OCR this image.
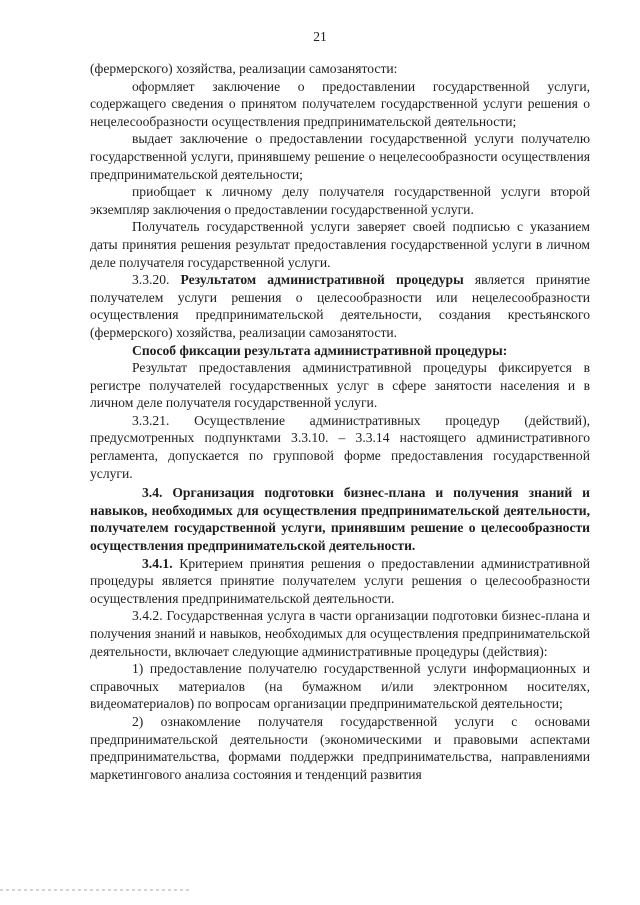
21

(фермерского) хозяйства, реализации самозанятости:

оформляет заключение о предоставлении государственной услуги, содержащего сведения о принятом получателем государственной услуги решения о нецелесообразности осуществления предпринимательской деятельности;

выдает заключение о предоставлении государственной услуги получателю государственной услуги, принявшему решение о нецелесообразности осуществления предпринимательской деятельности;

приобщает к личному делу получателя государственной услуги второй экземпляр заключения о предоставлении государственной услуги.

Получатель государственной услуги заверяет своей подписью с указанием даты принятия решения результат предоставления государственной услуги в личном деле получателя государственной услуги.

3.3.20. Результатом административной процедуры является принятие получателем услуги решения о целесообразности или нецелесообразности осуществления предпринимательской деятельности, создания крестьянского (фермерского) хозяйства, реализации самозанятости.

Способ фиксации результата административной процедуры:

Результат предоставления административной процедуры фиксируется в регистре получателей государственных услуг в сфере занятости населения и в личном деле получателя государственной услуги.

3.3.21. Осуществление административных процедур (действий), предусмотренных подпунктами 3.3.10. – 3.3.14 настоящего административного регламента, допускается по групповой форме предоставления государственной услуги.

3.4. Организация подготовки бизнес-плана и получения знаний и навыков, необходимых для осуществления предпринимательской деятельности, получателем государственной услуги, принявшим решение о целесообразности осуществления предпринимательской деятельности.

3.4.1. Критерием принятия решения о предоставлении административной процедуры является принятие получателем услуги решения о целесообразности осуществления предпринимательской деятельности.

3.4.2. Государственная услуга в части организации подготовки бизнес-плана и получения знаний и навыков, необходимых для осуществления предпринимательской деятельности, включает следующие административные процедуры (действия):

1) предоставление получателю государственной услуги информационных и справочных материалов (на бумажном и/или электронном носителях, видеоматериалов) по вопросам организации предпринимательской деятельности;

2) ознакомление получателя государственной услуги с основами предпринимательской деятельности (экономическими и правовыми аспектами предпринимательства, формами поддержки предпринимательства, направлениями маркетингового анализа состояния и тенденций развития
